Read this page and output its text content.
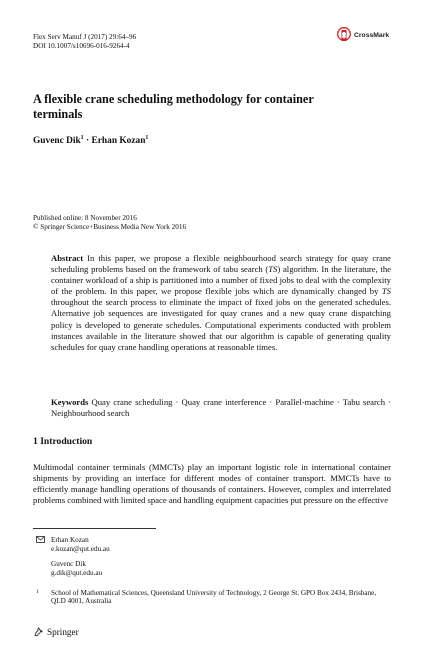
Flex Serv Manuf J (2017) 29:64–96
DOI 10.1007/s10696-016-9264-4
CrossMark
A flexible crane scheduling methodology for container terminals
Guvenc Dik$^1$ · Erhan Kozan$^1$
Published online: 8 November 2016
© Springer Science+Business Media New York 2016
Abstract In this paper, we propose a flexible neighbourhood search strategy for quay crane scheduling problems based on the framework of tabu search (TS) algorithm. In the literature, the container workload of a ship is partitioned into a number of fixed jobs to deal with the complexity of the problem. In this paper, we propose flexible jobs which are dynamically changed by TS throughout the search process to eliminate the impact of fixed jobs on the generated schedules. Alternative job sequences are investigated for quay cranes and a new quay crane dispatching policy is developed to generate schedules. Computational experiments conducted with problem instances available in the literature showed that our algorithm is capable of generating quality schedules for quay crane handling operations at reasonable times.
Keywords Quay crane scheduling · Quay crane interference · Parallel-machine · Tabu search · Neighbourhood search
1 Introduction
Multimodal container terminals (MMCTs) play an important logistic role in international container shipments by providing an interface for different modes of container transport. MMCTs have to efficiently manage handling operations of thousands of containers. However, complex and interrelated problems combined with limited space and handling equipment capacities put pressure on the effective
Erhan Kozan
e.kozan@qut.edu.au
Guvenc Dik
g.dik@qut.edu.au
1 School of Mathematical Sciences, Queensland University of Technology, 2 George St. GPO Box 2434, Brisbane, QLD 4001, Australia
Springer
